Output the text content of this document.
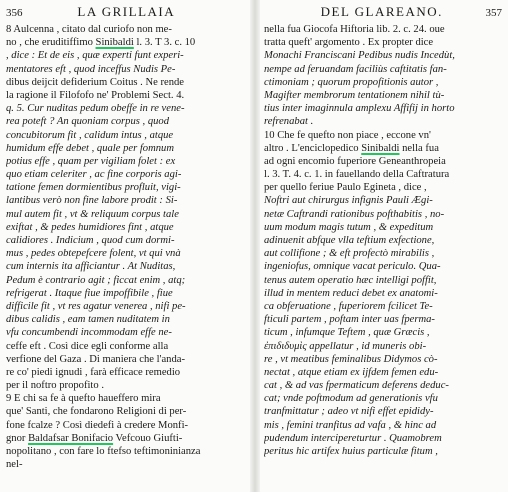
356	LA GRILLAIA
8 Aulcenna , citato dal curiofo non me-
no , che eruditiffimo Sinibaldi l. 3. T 3. c. 10
, dice : Et de eis , quæ experti funt experi-
mentatores eft , quod inceffus Nudis Pe-
dibus deijcit defiderium Coitus . Ne rende
la ragione il Filofofo ne' Problemi Sect. 4.
q. 5. Cur nuditas pedum obeffe in re vene-
rea poteft ? An quoniam corpus , quod
concubitorum fit , calidum intus , atque
humidum effe debet , quale per fomnum
potius effe , quam per vigiliam folet : ex
quo etiam celeriter , ac fine corporis agi-
tatione femen dormientibus profluit, vigi-
lantibus verò non fine labore prodit : Si-
mul autem fit , vt & reliquum corpus tale
exiftat , & pedes humidiores fint , atque
calidiores . Indicium , quod cum dormi-
mus , pedes obtepefcere folent, vt qui vnà
cum internis ita afficiantur . At Nuditas,
Pedum è contrario agit ; ficcat enim , atq;
refrigerat . Itaque fiue impoffibile , fiue
difficile fit , vt res agatur venerea , nifi pe-
dibus calidis , eam tamen nuditatem in
vfu concumbendi incommodam effe ne-
ceffe eft . Così dice egli conforme alla
verfione del Gaza . Di maniera che l'anda-
re co' piedi ignudi , farà efficace remedio
per il noftro propofito .
9 E chi sa fe à quefto haueffero mira
que' Santi, che fondarono Religioni di per-
fone fcalze ? Così diedefi à credere Monfi-
gnor Baldafsar Bonifacio Vefcouo Giufti-
nopolitano , con fare lo ftefso teftimoninianza
nel-
DEL GLAREANO.	357
nella fua Giocofa Hiftoria lib. 2. c. 24. oue
tratta queft' argomento . Ex propter dice
Monachi Franciscani Pedibus nudis Incedùt,
nempe ad feruandam faciliùs caftitatis fan-
ctimoniam ; quorum propofitionis autor ,
Magifter membrorum tentationem nihil tù-
tius inter imaginnula amplexu Affifij in horto
refrenabat .
10 Che fe quefto non piace , eccone vn'
altro . L'enciclopedico Sinibaldi nella fua
ad ogni encomio fuperiore Geneanthropeia
l. 3. T. 4. c. 1. in fauellando della Caftratura
per quello feriue Paulo Egineta , dice ,
Noftri aut chirurgus infignis Pauli Ægi-
netæ Caftrandi rationibus pofthabitis , no-
uum modum magis tutum , & expeditum
adinuenit abfque vlla teftium exfectione,
aut collifione ; & eft profectò mirabilis ,
ingeniofus, omnique vacat periculo. Qua-
tenus autem operatio hæc intelligi poffit,
illud in mentem reduci debet ex anatomi-
ca obferuatione , fuperiorem fcilicet Te-
fticuli partem , poftam inter uas fperma-
ticum , infumque Teftem , quæ Græcis ,
ἐπιδιδυμὶς appellatur , id muneris obi-
re , vt meatibus feminalibus Didymos cò-
nectat , atque etiam ex ijfdem femen edu-
cat , & ad vas fpermaticum deferens deduc-
cat; vnde poftmodum ad generationis vfu
tranfmittatur ; adeo vt nifi effet epididy-
mis , femini tranfitus ad vafa , & hinc ad
pudendum intercipereturtur . Quamobrem
peritus hic artifex huius particulæ fitum ,
